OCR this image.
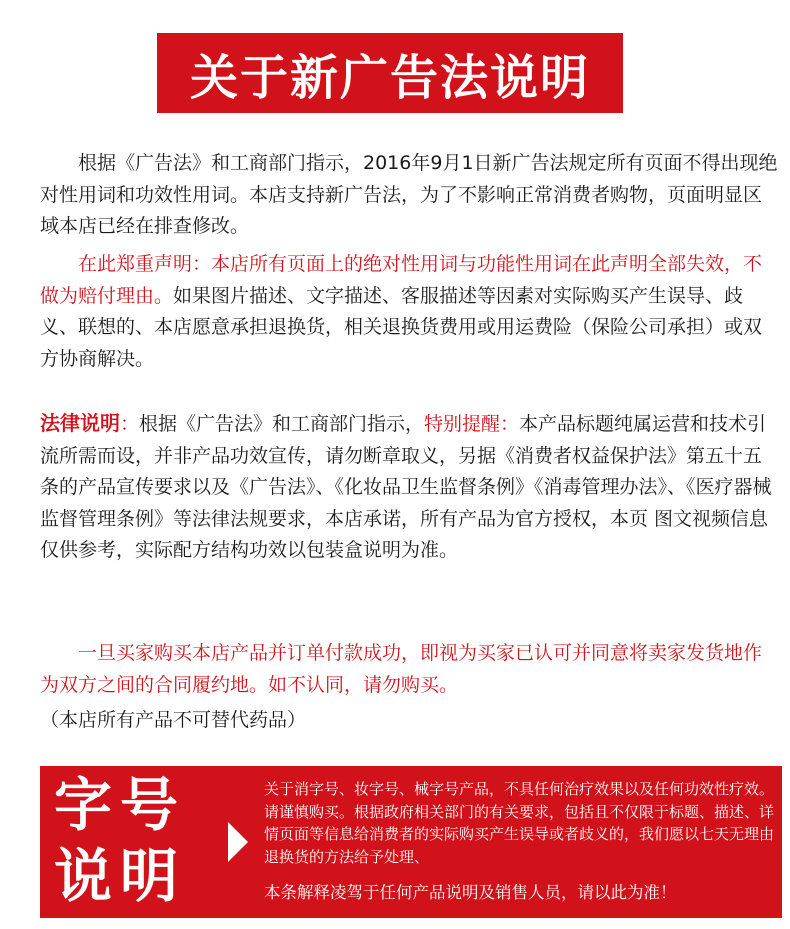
关于新广告法说明
根据《广告法》和工商部门指示，2016年9月1日新广告法规定所有页面不得出现绝对性用词和功效性用词。本店支持新广告法，为了不影响正常消费者购物，页面明显区域本店已经在排查修改。
在此郑重声明：本店所有页面上的绝对性用词与功能性用词在此声明全部失效，不做为赔付理由。如果图片描述、文字描述、客服描述等因素对实际购买产生误导、歧义、联想的、本店愿意承担退换货，相关退换货费用或用运费险（保险公司承担）或双方协商解决。
法律说明：根据《广告法》和工商部门指示，特别提醒：本产品标题纯属运营和技术引流所需而设，并非产品功效宣传，请勿断章取义，另据《消费者权益保护法》第五十五条的产品宣传要求以及《广告法》、《化妆品卫生监督条例》《消毒管理办法》、《医疗器械监督管理条例》等法律法规要求，本店承诺，所有产品为官方授权，本页 图文视频信息仅供参考，实际配方结构功效以包装盒说明为准。
一旦买家购买本店产品并订单付款成功，即视为买家已认可并同意将卖家发货地作为双方之间的合同履约地。如不认同，请勿购买。
（本店所有产品不可替代药品）
字号
说明
关于消字号、妆字号、械字号产品，不具任何治疗效果以及任何功效性疗效。请谨慎购买。根据政府相关部门的有关要求，包括且不仅限于标题、描述、详情页面等信息给消费者的实际购买产生误导或者歧义的，我们愿以七天无理由退换货的方法给予处理、
本条解释凌驾于任何产品说明及销售人员，请以此为准！
